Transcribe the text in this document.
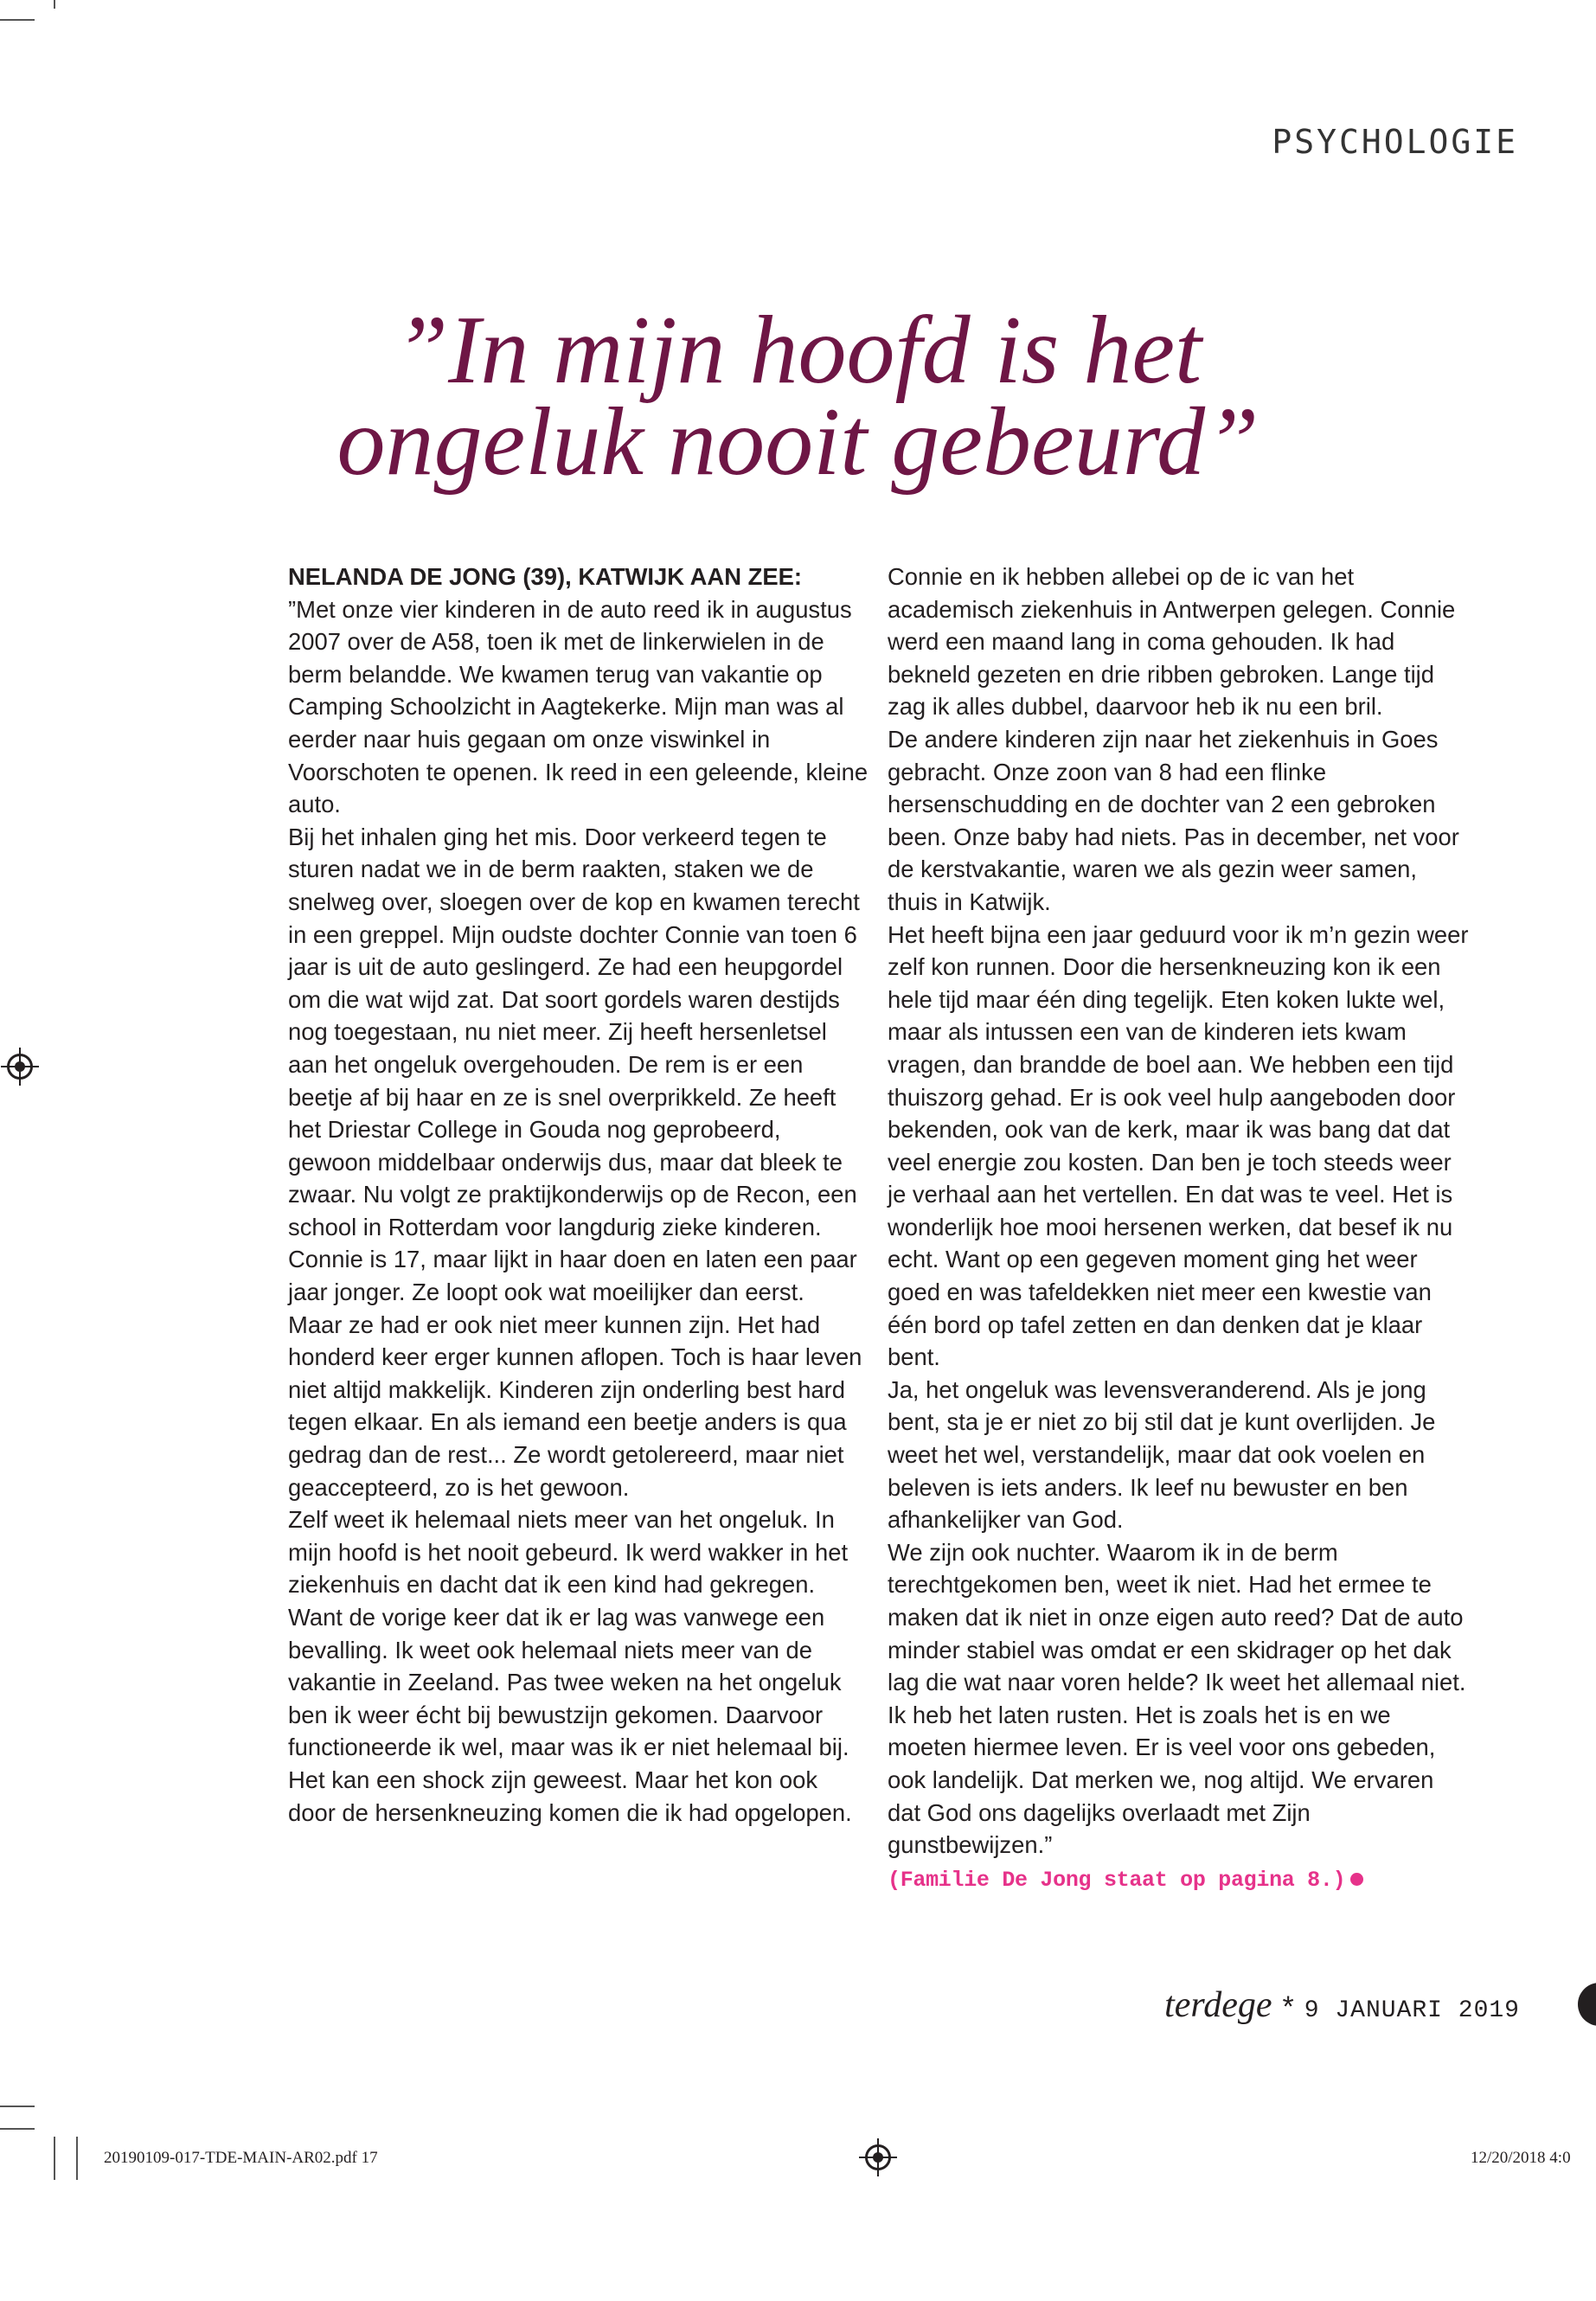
PSYCHOLOGIE
”In mijn hoofd is het
ongeluk nooit gebeurd”

NELANDA DE JONG (39), KATWIJK AAN ZEE:

”Met onze vier kinderen in de auto reed ik in augustus 2007 over de A58, toen ik met de linkerwielen in de berm belandde. We kwamen terug van vakantie op Camping Schoolzicht in Aagtekerke. Mijn man was al eerder naar huis gegaan om onze viswinkel in Voorschoten te openen. Ik reed in een geleende, kleine auto.

Bij het inhalen ging het mis. Door verkeerd tegen te sturen nadat we in de berm raakten, staken we de snelweg over, sloegen over de kop en kwamen terecht in een greppel. Mijn oudste dochter Connie van toen 6 jaar is uit de auto geslingerd. Ze had een heupgordel om die wat wijd zat. Dat soort gordels waren destijds nog toegestaan, nu niet meer. Zij heeft hersenletsel aan het ongeluk overgehouden. De rem is er een beetje af bij haar en ze is snel overprikkeld. Ze heeft het Driestar College in Gouda nog geprobeerd, gewoon middelbaar onderwijs dus, maar dat bleek te zwaar. Nu volgt ze praktijkonderwijs op de Recon, een school in Rotterdam voor langdurig zieke kinderen. Connie is 17, maar lijkt in haar doen en laten een paar jaar jonger. Ze loopt ook wat moeilijker dan eerst.

Maar ze had er ook niet meer kunnen zijn. Het had honderd keer erger kunnen aflopen. Toch is haar leven niet altijd makkelijk. Kinderen zijn onderling best hard tegen elkaar. En als iemand een beetje anders is qua gedrag dan de rest... Ze wordt getolereerd, maar niet geaccepteerd, zo is het gewoon.

Zelf weet ik helemaal niets meer van het ongeluk. In mijn hoofd is het nooit gebeurd. Ik werd wakker in het ziekenhuis en dacht dat ik een kind had gekregen. Want de vorige keer dat ik er lag was vanwege een bevalling. Ik weet ook helemaal niets meer van de vakantie in Zeeland. Pas twee weken na het ongeluk ben ik weer écht bij bewustzijn gekomen. Daarvoor functioneerde ik wel, maar was ik er niet helemaal bij. Het kan een shock zijn geweest. Maar het kon ook door de hersenkneuzing komen die ik had opgelopen.

Connie en ik hebben allebei op de ic van het academisch ziekenhuis in Antwerpen gelegen. Connie werd een maand lang in coma gehouden. Ik had bekneld gezeten en drie ribben gebroken. Lange tijd zag ik alles dubbel, daarvoor heb ik nu een bril.

De andere kinderen zijn naar het ziekenhuis in Goes gebracht. Onze zoon van 8 had een flinke hersenschudding en de dochter van 2 een gebroken been. Onze baby had niets. Pas in december, net voor de kerstvakantie, waren we als gezin weer samen, thuis in Katwijk.

Het heeft bijna een jaar geduurd voor ik m’n gezin weer zelf kon runnen. Door die hersenkneuzing kon ik een hele tijd maar één ding tegelijk. Eten koken lukte wel, maar als intussen een van de kinderen iets kwam vragen, dan brandde de boel aan. We hebben een tijd thuiszorg gehad. Er is ook veel hulp aangeboden door bekenden, ook van de kerk, maar ik was bang dat dat veel energie zou kosten. Dan ben je toch steeds weer je verhaal aan het vertellen. En dat was te veel. Het is wonderlijk hoe mooi hersenen werken, dat besef ik nu echt. Want op een gegeven moment ging het weer goed en was tafeldekken niet meer een kwestie van één bord op tafel zetten en dan denken dat je klaar bent.

Ja, het ongeluk was levensveranderend. Als je jong bent, sta je er niet zo bij stil dat je kunt overlijden. Je weet het wel, verstandelijk, maar dat ook voelen en beleven is iets anders. Ik leef nu bewuster en ben afhankelijker van God.

We zijn ook nuchter. Waarom ik in de berm terechtgekomen ben, weet ik niet. Had het ermee te maken dat ik niet in onze eigen auto reed? Dat de auto minder stabiel was omdat er een skidrager op het dak lag die wat naar voren helde? Ik weet het allemaal niet. Ik heb het laten rusten. Het is zoals het is en we moeten hiermee leven. Er is veel voor ons gebeden, ook landelijk. Dat merken we, nog altijd. We ervaren dat God ons dagelijks overlaadt met Zijn gunstbewijzen.”

(Familie De Jong staat op pagina 8.)

terdege * 9 JANUARI 2019
20190109-017-TDE-MAIN-AR02.pdf 17	12/20/2018 4:0
